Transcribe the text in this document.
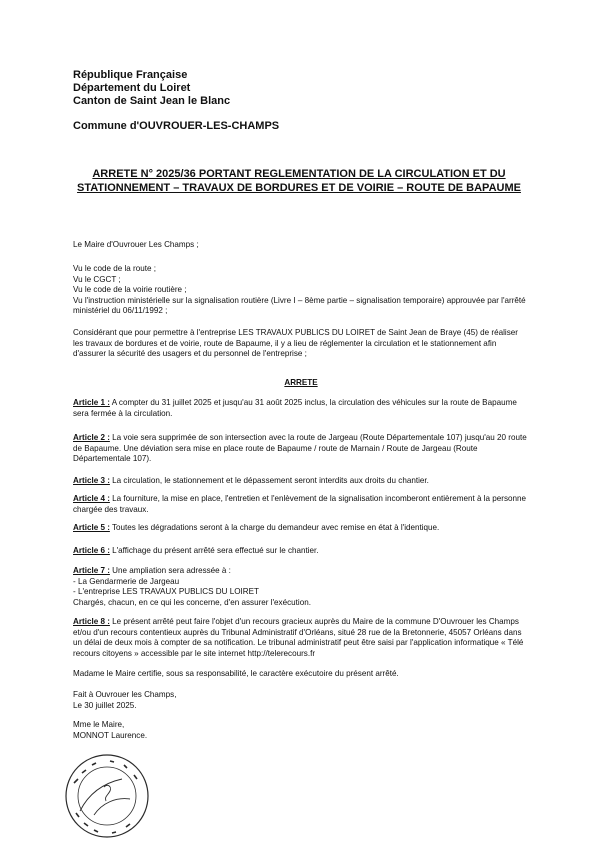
République Française
Département du Loiret
Canton de Saint Jean le Blanc
Commune d'OUVROUER-LES-CHAMPS
ARRETE N° 2025/36 PORTANT REGLEMENTATION DE LA CIRCULATION ET DU STATIONNEMENT – TRAVAUX DE BORDURES ET DE VOIRIE – ROUTE DE BAPAUME
Le Maire d'Ouvrouer Les Champs ;
Vu le code de la route ;
Vu le CGCT ;
Vu le code de la voirie routière ;
Vu l'instruction ministérielle sur la signalisation routière (Livre I – 8ème partie – signalisation temporaire) approuvée par l'arrêté ministériel du 06/11/1992 ;
Considérant que pour permettre à l'entreprise LES TRAVAUX PUBLICS DU LOIRET de Saint Jean de Braye (45) de réaliser les travaux de bordures et de voirie, route de Bapaume, il y a lieu de réglementer la circulation et le stationnement afin d'assurer la sécurité des usagers et du personnel de l'entreprise ;
ARRETE
Article 1 : A compter du 31 juillet 2025 et jusqu'au 31 août 2025 inclus, la circulation des véhicules sur la route de Bapaume sera fermée à la circulation.
Article 2 : La voie sera supprimée de son intersection avec la route de Jargeau (Route Départementale 107) jusqu'au 20 route de Bapaume. Une déviation sera mise en place route de Bapaume / route de Marnain / Route de Jargeau (Route Départementale 107).
Article 3 : La circulation, le stationnement et le dépassement seront interdits aux droits du chantier.
Article 4 : La fourniture, la mise en place, l'entretien et l'enlèvement de la signalisation incomberont entièrement à la personne chargée des travaux.
Article 5 : Toutes les dégradations seront à la charge du demandeur avec remise en état à l'identique.
Article 6 : L'affichage du présent arrêté sera effectué sur le chantier.
Article 7 : Une ampliation sera adressée à :
- La Gendarmerie de Jargeau
- L'entreprise LES TRAVAUX PUBLICS DU LOIRET
Chargés, chacun, en ce qui les concerne, d'en assurer l'exécution.
Article 8 : Le présent arrêté peut faire l'objet d'un recours gracieux auprès du Maire de la commune D'Ouvrouer les Champs et/ou d'un recours contentieux auprès du Tribunal Administratif d'Orléans, situé 28 rue de la Bretonnerie, 45057 Orléans dans un délai de deux mois à compter de sa notification. Le tribunal administratif peut être saisi par l'application informatique « Télé recours citoyens » accessible par le site internet http://telerecours.fr
Madame le Maire certifie, sous sa responsabilité, le caractère exécutoire du présent arrêté.
Fait à Ouvrouer les Champs,
Le 30 juillet 2025.
Mme le Maire,
MONNOT Laurence.
